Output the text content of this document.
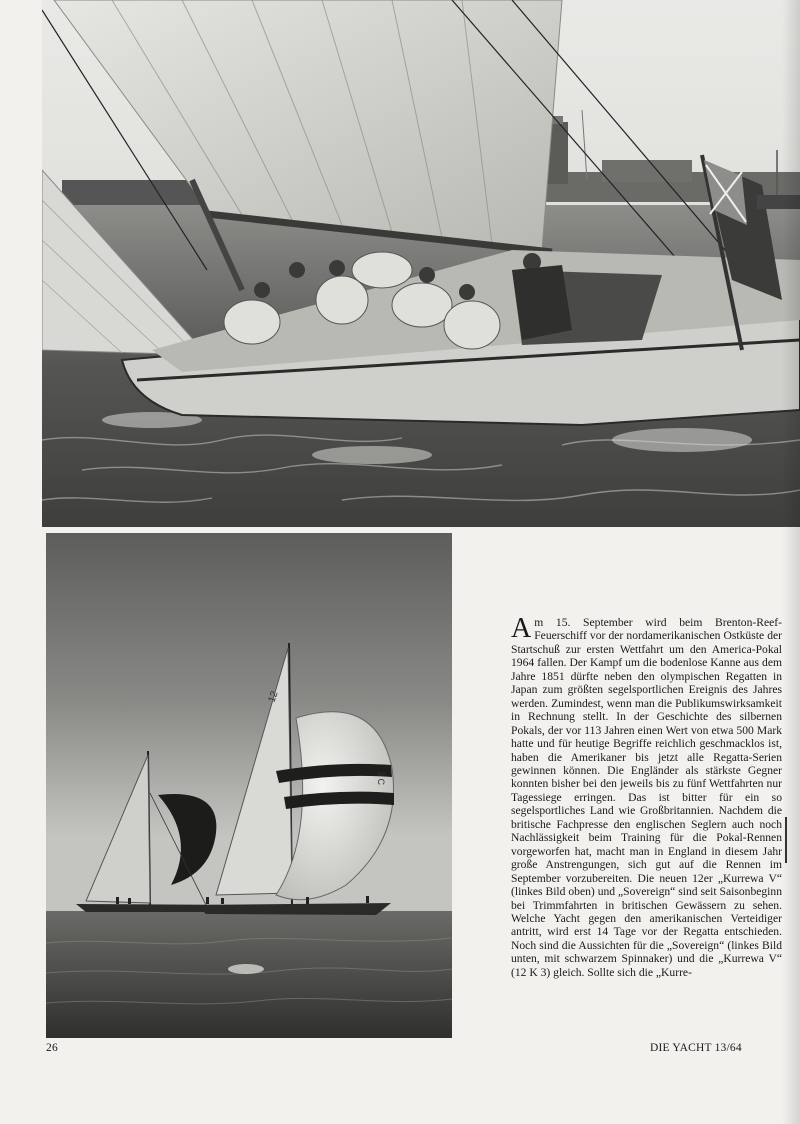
12
3 C
A m 15. September wird beim Brenton-Reef-Feuerschiff vor der nordamerikanischen Ostküste der Startschuß zur ersten Wettfahrt um den America-Pokal 1964 fallen. Der Kampf um die bodenlose Kanne aus dem Jahre 1851 dürfte neben den olympischen Regatten in Japan zum größten segelsportlichen Ereignis des Jahres werden. Zumindest, wenn man die Publikumswirksamkeit in Rechnung stellt. In der Geschichte des silbernen Pokals, der vor 113 Jahren einen Wert von etwa 500 Mark hatte und für heutige Begriffe reichlich geschmacklos ist, haben die Amerikaner bis jetzt alle Regatta-Serien gewinnen können. Die Engländer als stärkste Gegner konnten bisher bei den jeweils bis zu fünf Wettfahrten nur Tagessiege erringen. Das ist bitter für ein so segelsportliches Land wie Großbritannien. Nachdem die britische Fachpresse den englischen Seglern auch noch Nachlässigkeit beim Training für die Pokal-Rennen vorgeworfen hat, macht man in England in diesem Jahr große Anstrengungen, sich gut auf die Rennen im September vorzubereiten. Die neuen 12er „Kurrewa V“ (linkes Bild oben) und „Sovereign“ sind seit Saisonbeginn bei Trimmfahrten in britischen Gewässern zu sehen. Welche Yacht gegen den amerikanischen Verteidiger antritt, wird erst 14 Tage vor der Regatta entschieden. Noch sind die Aussichten für die „Sovereign“ (linkes Bild unten, mit schwarzem Spinnaker) und die „Kurrewa V“ (12 K 3) gleich. Sollte sich die „Kurre-

26	DIE YACHT 13/64
